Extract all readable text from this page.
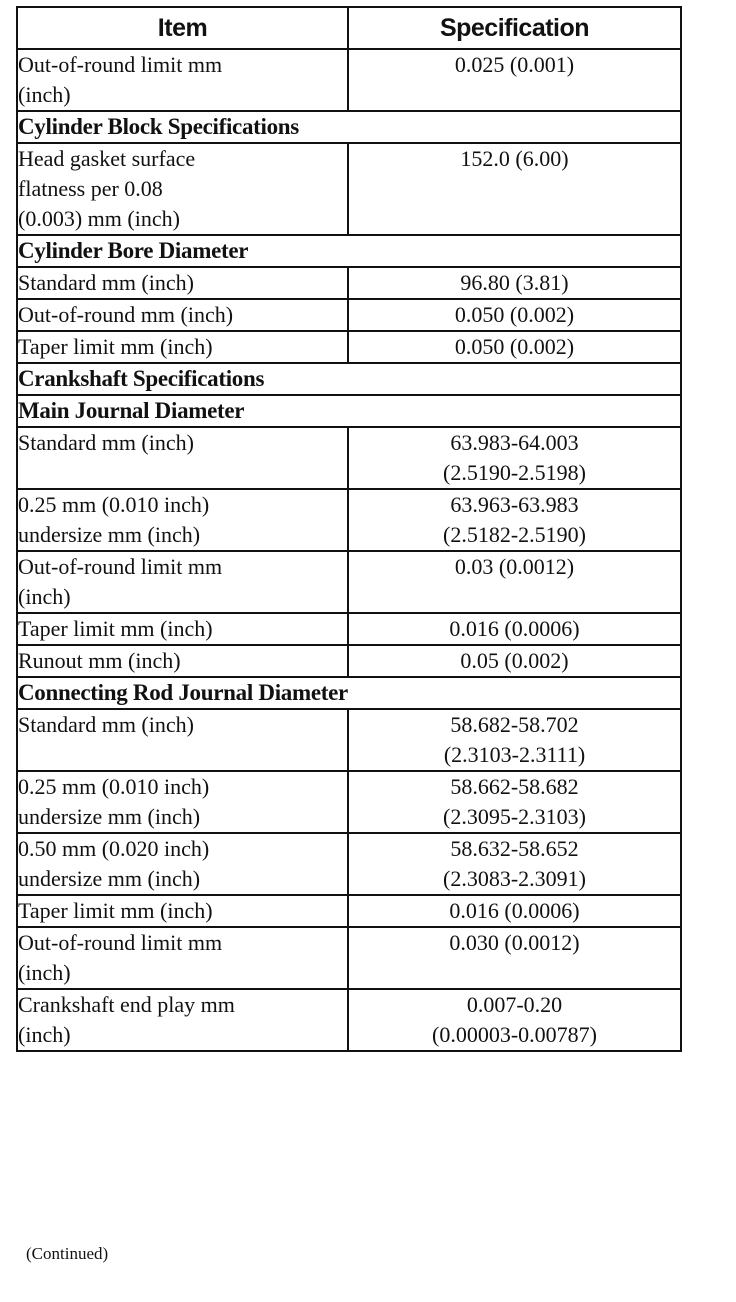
Item	Specification

Out-of-round limit mm
(inch)	0.025 (0.001)

Cylinder Block Specifications	

Head gasket surface
flatness per 0.08
(0.003) mm (inch)	152.0 (6.00)

Cylinder Bore Diameter	

Standard mm (inch)	96.80 (3.81)

Out-of-round mm (inch)	0.050 (0.002)

Taper limit mm (inch)	0.050 (0.002)

Crankshaft Specifications	
Main Journal Diameter	

Standard mm (inch)	63.983-64.003
(2.5190-2.5198)

0.25 mm (0.010 inch)
undersize mm (inch)	63.963-63.983
(2.5182-2.5190)

Out-of-round limit mm
(inch)	0.03 (0.0012)

Taper limit mm (inch)	0.016 (0.0006)

Runout mm (inch)	0.05 (0.002)

Connecting Rod Journal Diameter	

Standard mm (inch)	58.682-58.702
(2.3103-2.3111)

0.25 mm (0.010 inch)
undersize mm (inch)	58.662-58.682
(2.3095-2.3103)

0.50 mm (0.020 inch)
undersize mm (inch)	58.632-58.652
(2.3083-2.3091)

Taper limit mm (inch)	0.016 (0.0006)

Out-of-round limit mm
(inch)	0.030 (0.0012)

Crankshaft end play mm
(inch)	0.007-0.20
(0.00003-0.00787)
(Continued)
